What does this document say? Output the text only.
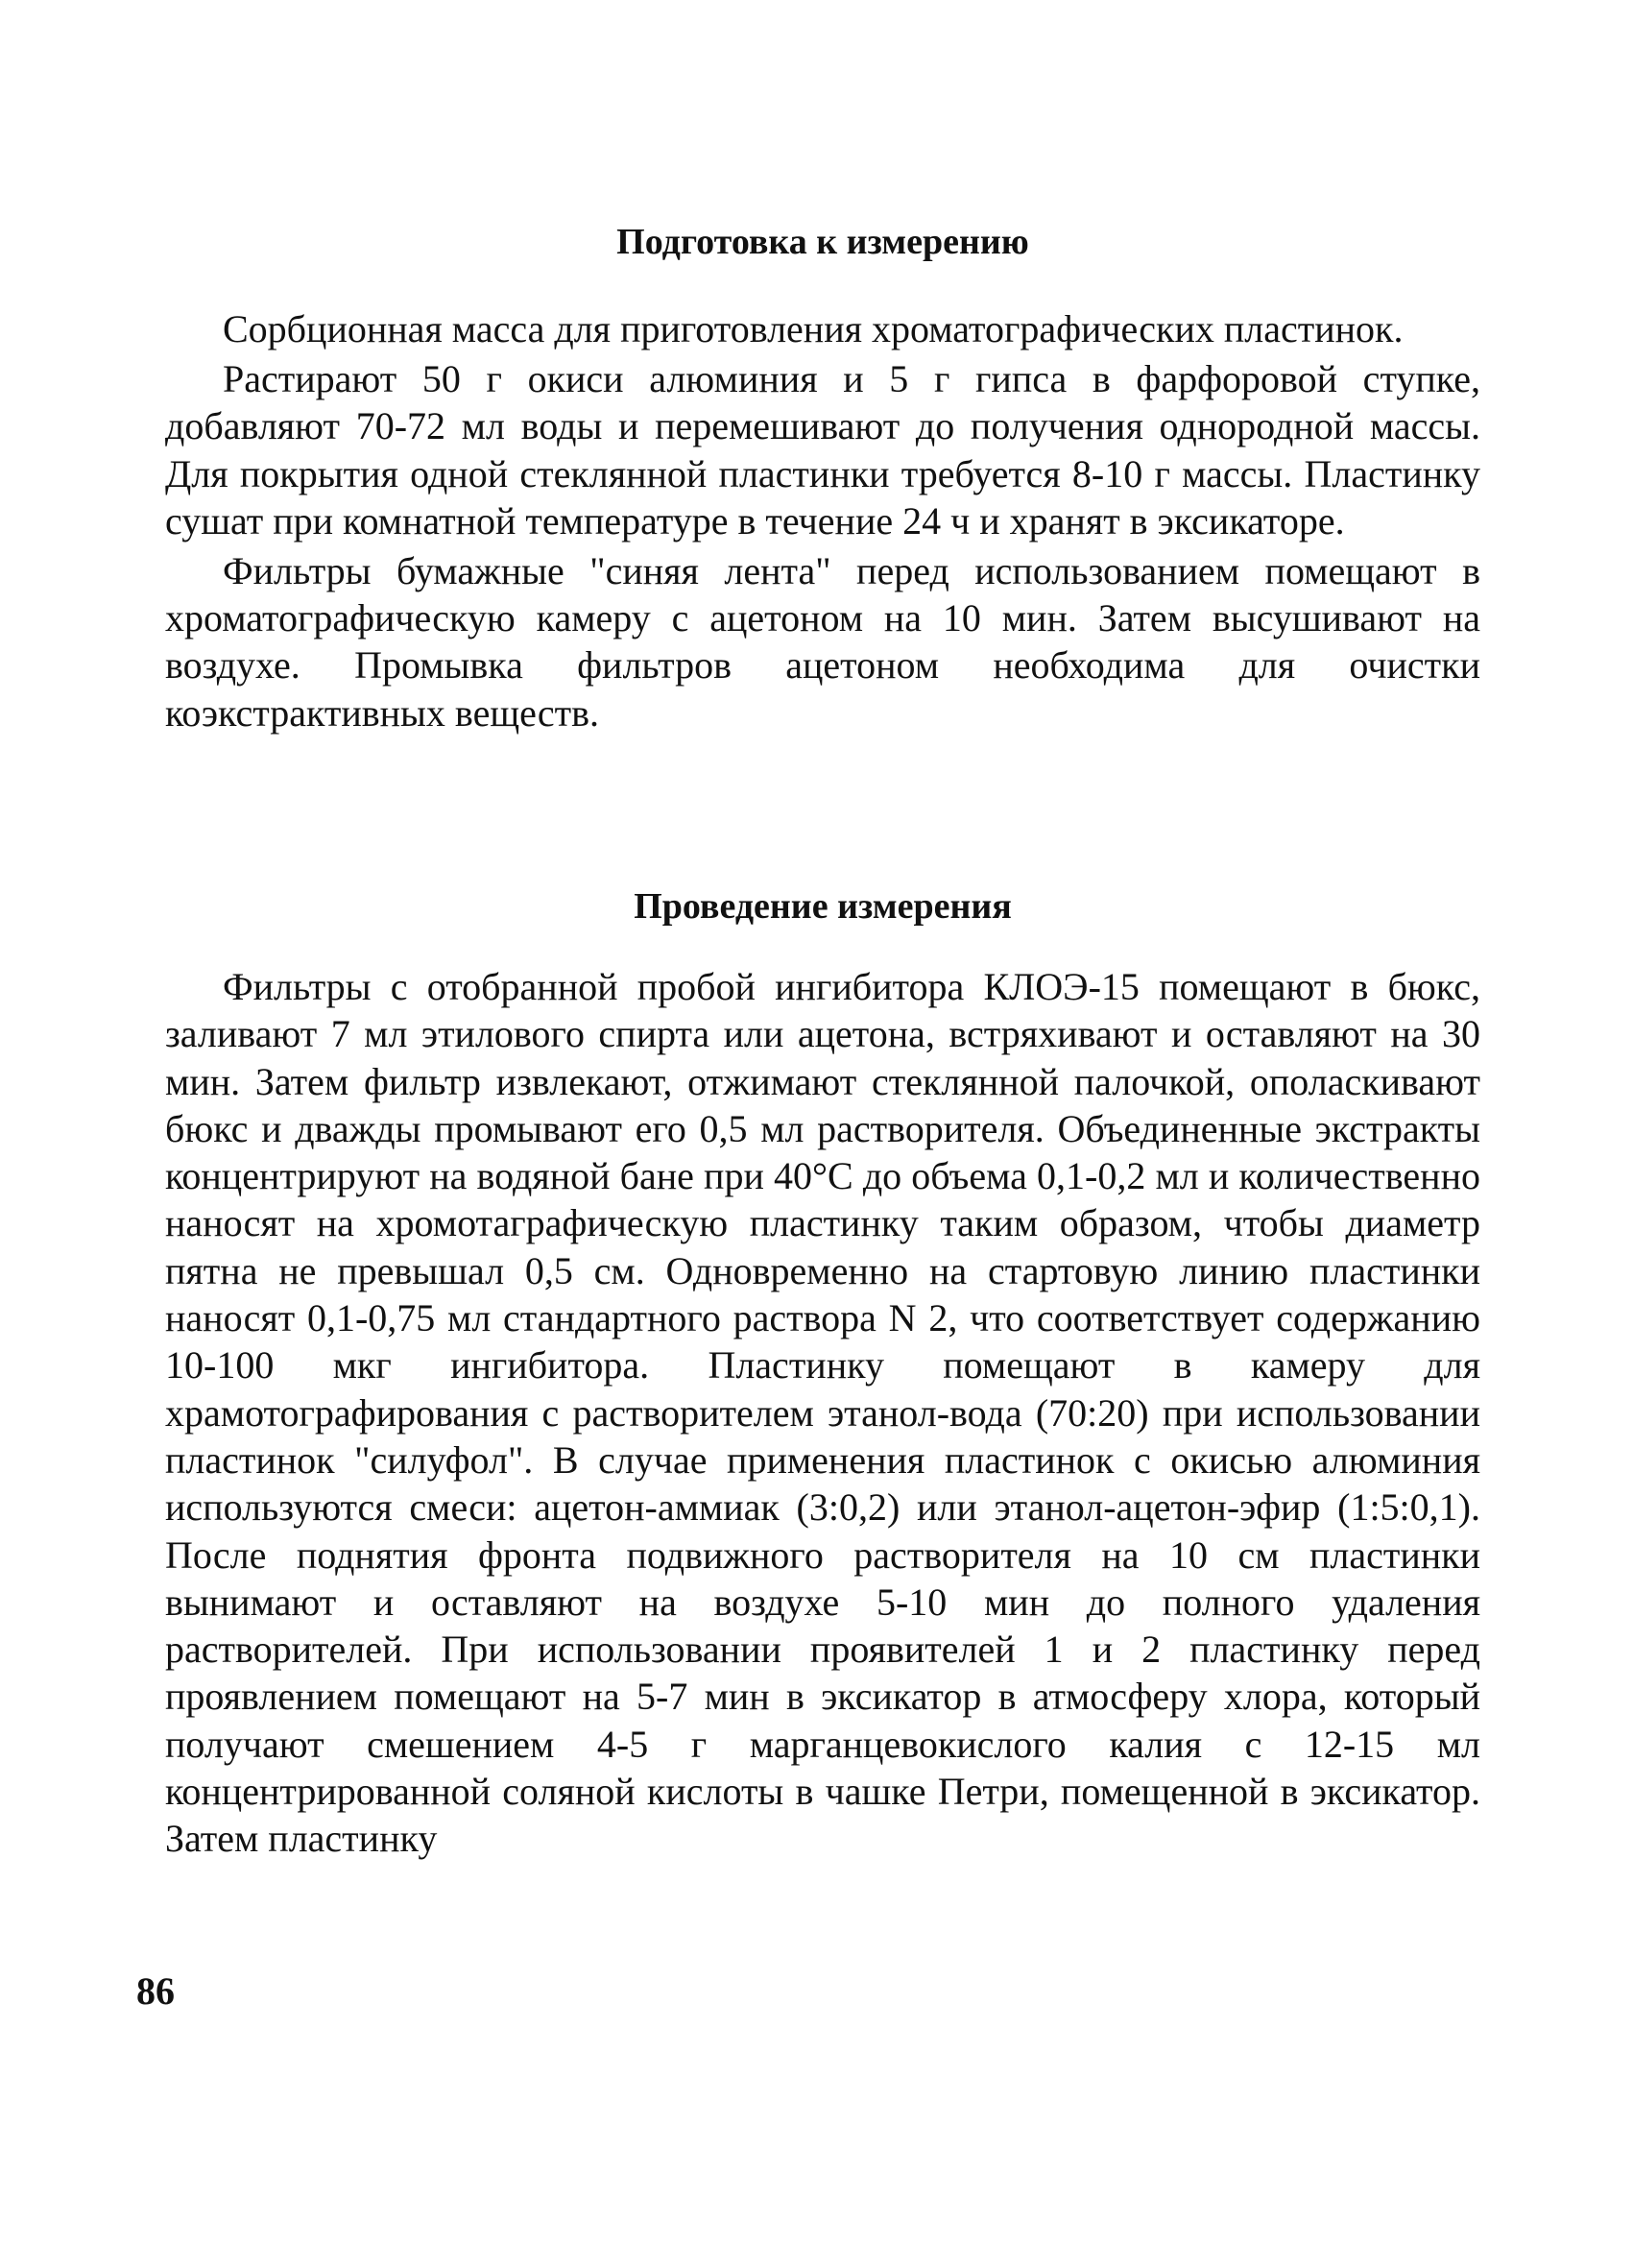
Подготовка к измерению

Сорбционная масса для приготовления хроматографических пластинок.

Растирают 50 г окиси алюминия и 5 г гипса в фарфоровой ступке, добавляют 70-72 мл воды и перемешивают до получения однородной массы. Для покрытия одной стеклянной пластинки требуется 8-10 г массы. Пластинку сушат при комнатной температуре в течение 24 ч и хранят в эксикаторе.

Фильтры бумажные "синяя лента" перед использованием помещают в хроматографическую камеру с ацетоном на 10 мин. Затем высушивают на воздухе. Промывка фильтров ацетоном необходима для очистки коэкстрактивных веществ.

Проведение измерения

Фильтры с отобранной пробой ингибитора КЛОЭ-15 помещают в бюкс, заливают 7 мл этилового спирта или ацетона, встряхивают и оставляют на 30 мин. Затем фильтр извлекают, отжимают стеклянной палочкой, ополаскивают бюкс и дважды промывают его 0,5 мл растворителя. Объединенные экстракты концентрируют на водяной бане при 40°С до объема 0,1-0,2 мл и количественно наносят на хромотаграфическую пластинку таким образом, чтобы диаметр пятна не превышал 0,5 см. Одновременно на стартовую линию пластинки наносят 0,1-0,75 мл стандартного раствора N 2, что соответствует содержанию 10-100 мкг ингибитора. Пластинку помещают в камеру для храмотографирования с растворителем этанол-вода (70:20) при использовании пластинок "силуфол". В случае применения пластинок с окисью алюминия используются смеси: ацетон-аммиак (3:0,2) или этанол-ацетон-эфир (1:5:0,1). После поднятия фронта подвижного растворителя на 10 см пластинки вынимают и оставляют на воздухе 5-10 мин до полного удаления растворителей. При использовании проявителей 1 и 2 пластинку перед проявлением помещают на 5-7 мин в эксикатор в атмосферу хлора, который получают смешением 4-5 г марганцевокислого калия с 12-15 мл концентрированной соляной кислоты в чашке Петри, помещенной в эксикатор. Затем пластинку

86
